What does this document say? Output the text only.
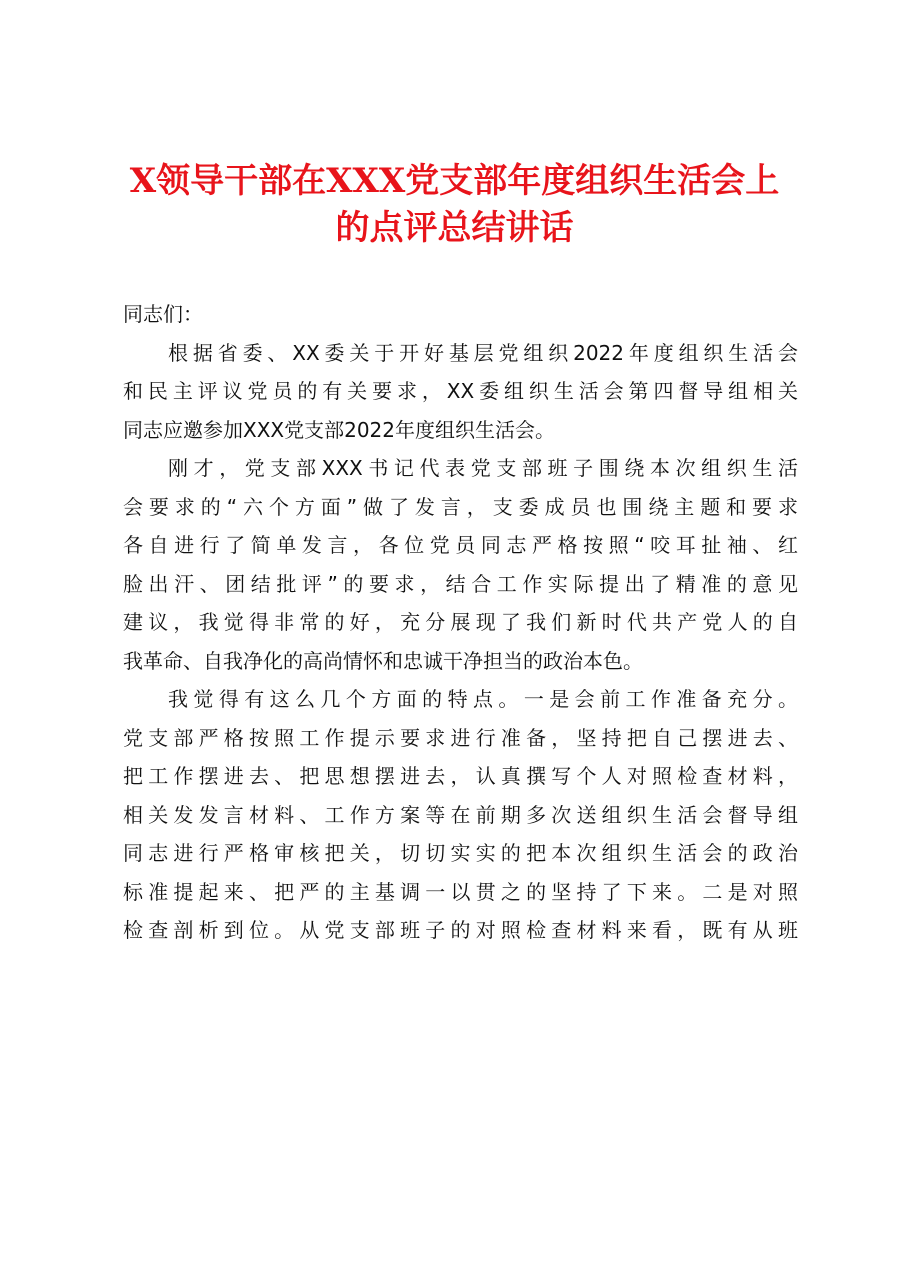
X领导干部在XXX党支部年度组织生活会上
的点评总结讲话

同志们：

根据省委、XX委关于开好基层党组织2022年度组织生活会
和民主评议党员的有关要求，XX委组织生活会第四督导组相关
同志应邀参加XXX党支部2022年度组织生活会。

刚才，党支部XXX书记代表党支部班子围绕本次组织生活
会要求的“六个方面”做了发言，支委成员也围绕主题和要求
各自进行了简单发言，各位党员同志严格按照“咬耳扯袖、红
脸出汗、团结批评”的要求，结合工作实际提出了精准的意见
建议，我觉得非常的好，充分展现了我们新时代共产党人的自
我革命、自我净化的高尚情怀和忠诚干净担当的政治本色。

我觉得有这么几个方面的特点。一是会前工作准备充分。
党支部严格按照工作提示要求进行准备，坚持把自己摆进去、
把工作摆进去、把思想摆进去，认真撰写个人对照检查材料，
相关发发言材料、工作方案等在前期多次送组织生活会督导组
同志进行严格审核把关，切切实实的把本次组织生活会的政治
标准提起来、把严的主基调一以贯之的坚持了下来。二是对照
检查剖析到位。从党支部班子的对照检查材料来看，既有从班
